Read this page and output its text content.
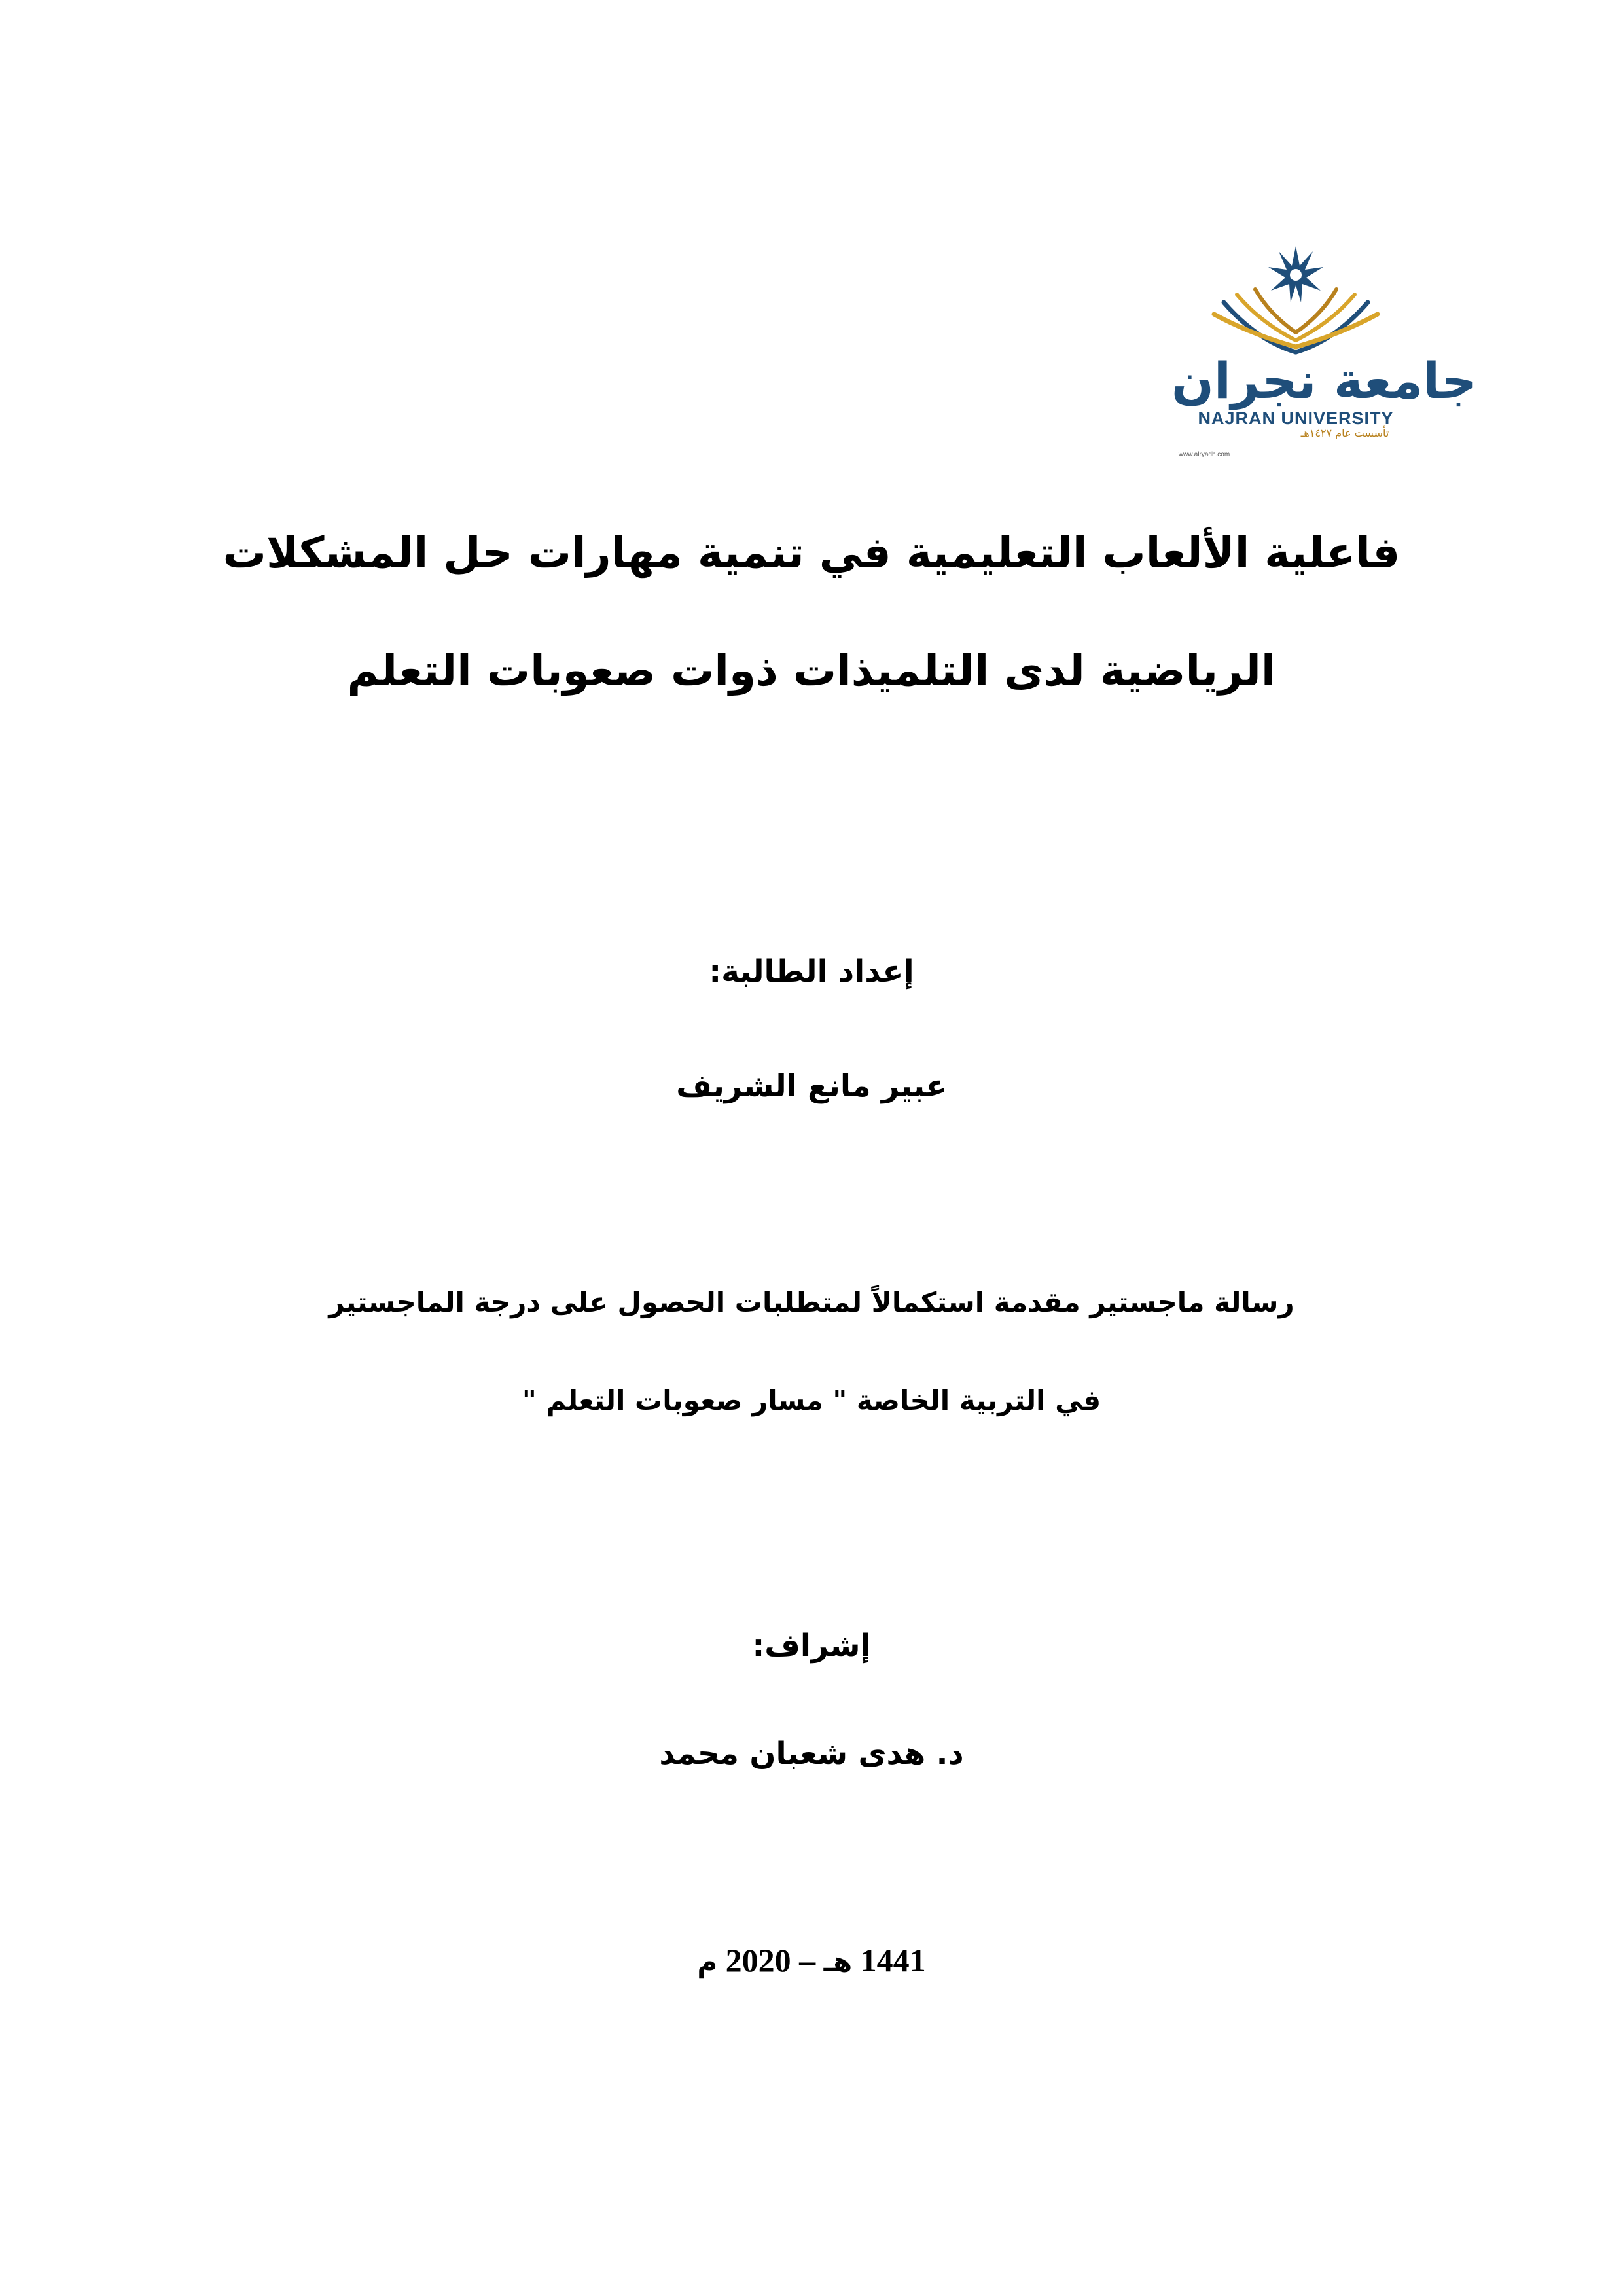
جامعة نجران
NAJRAN UNIVERSITY
تأسست عام ١٤٢٧هـ
www.alryadh.com
فاعلية الألعاب التعليمية في تنمية مهارات حل المشكلات
الرياضية لدى التلميذات ذوات صعوبات التعلم
إعداد الطالبة:
عبير مانع الشريف
رسالة ماجستير مقدمة استكمالاً لمتطلبات الحصول على درجة الماجستير
في التربية الخاصة " مسار صعوبات التعلم "
إشراف:
د. هدى شعبان محمد
1441 هـ – 2020 م
